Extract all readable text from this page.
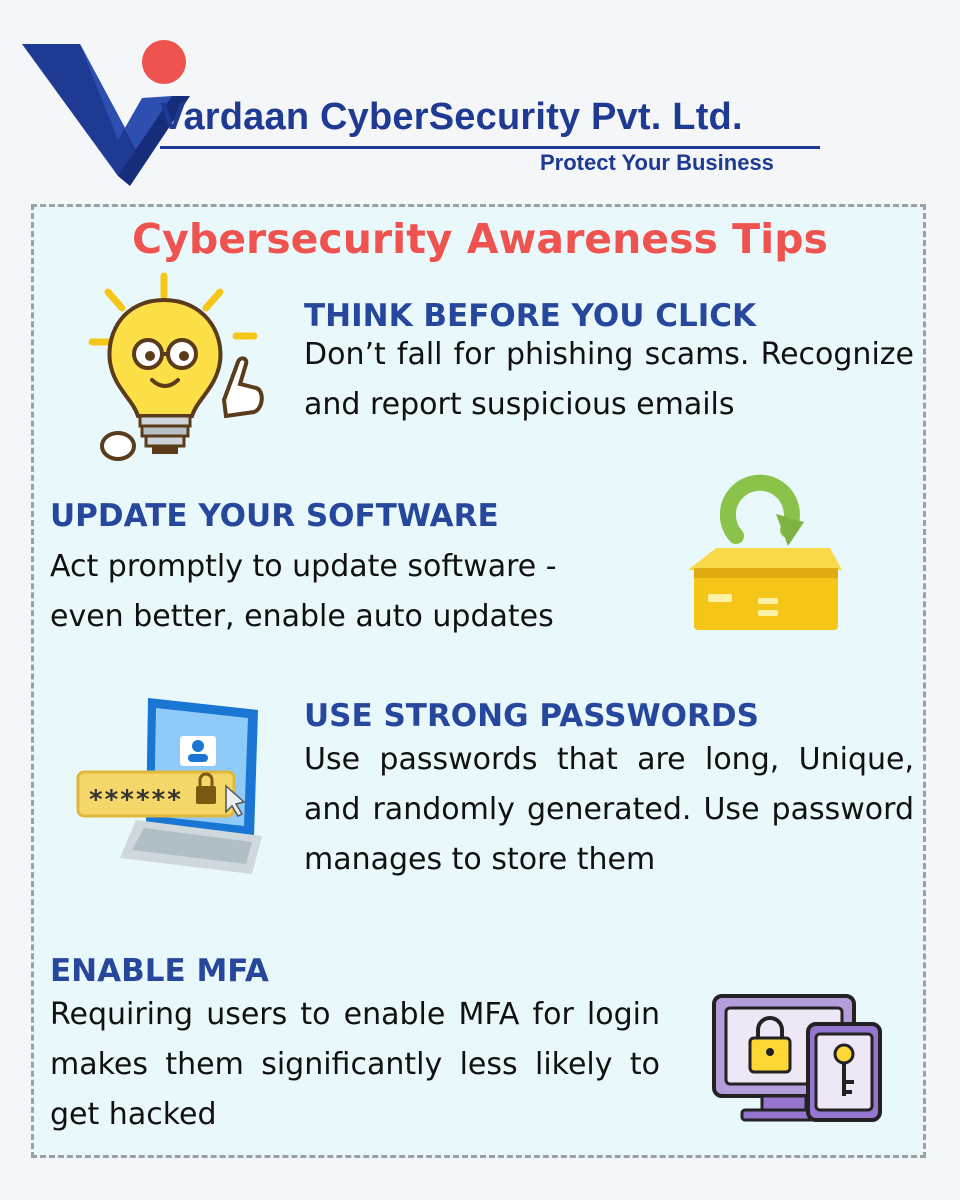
Vardaan CyberSecurity Pvt. Ltd.
Protect Your Business
Cybersecurity Awareness Tips
THINK BEFORE YOU CLICK
Don’t fall for phishing scams. Recognize and report suspicious emails
UPDATE YOUR SOFTWARE
Act promptly to update software -
even better, enable auto updates
******
USE STRONG PASSWORDS
Use passwords that are long, Unique, and randomly generated. Use password manages to store them
ENABLE MFA
Requiring users to enable MFA for login makes them significantly less likely to get hacked
